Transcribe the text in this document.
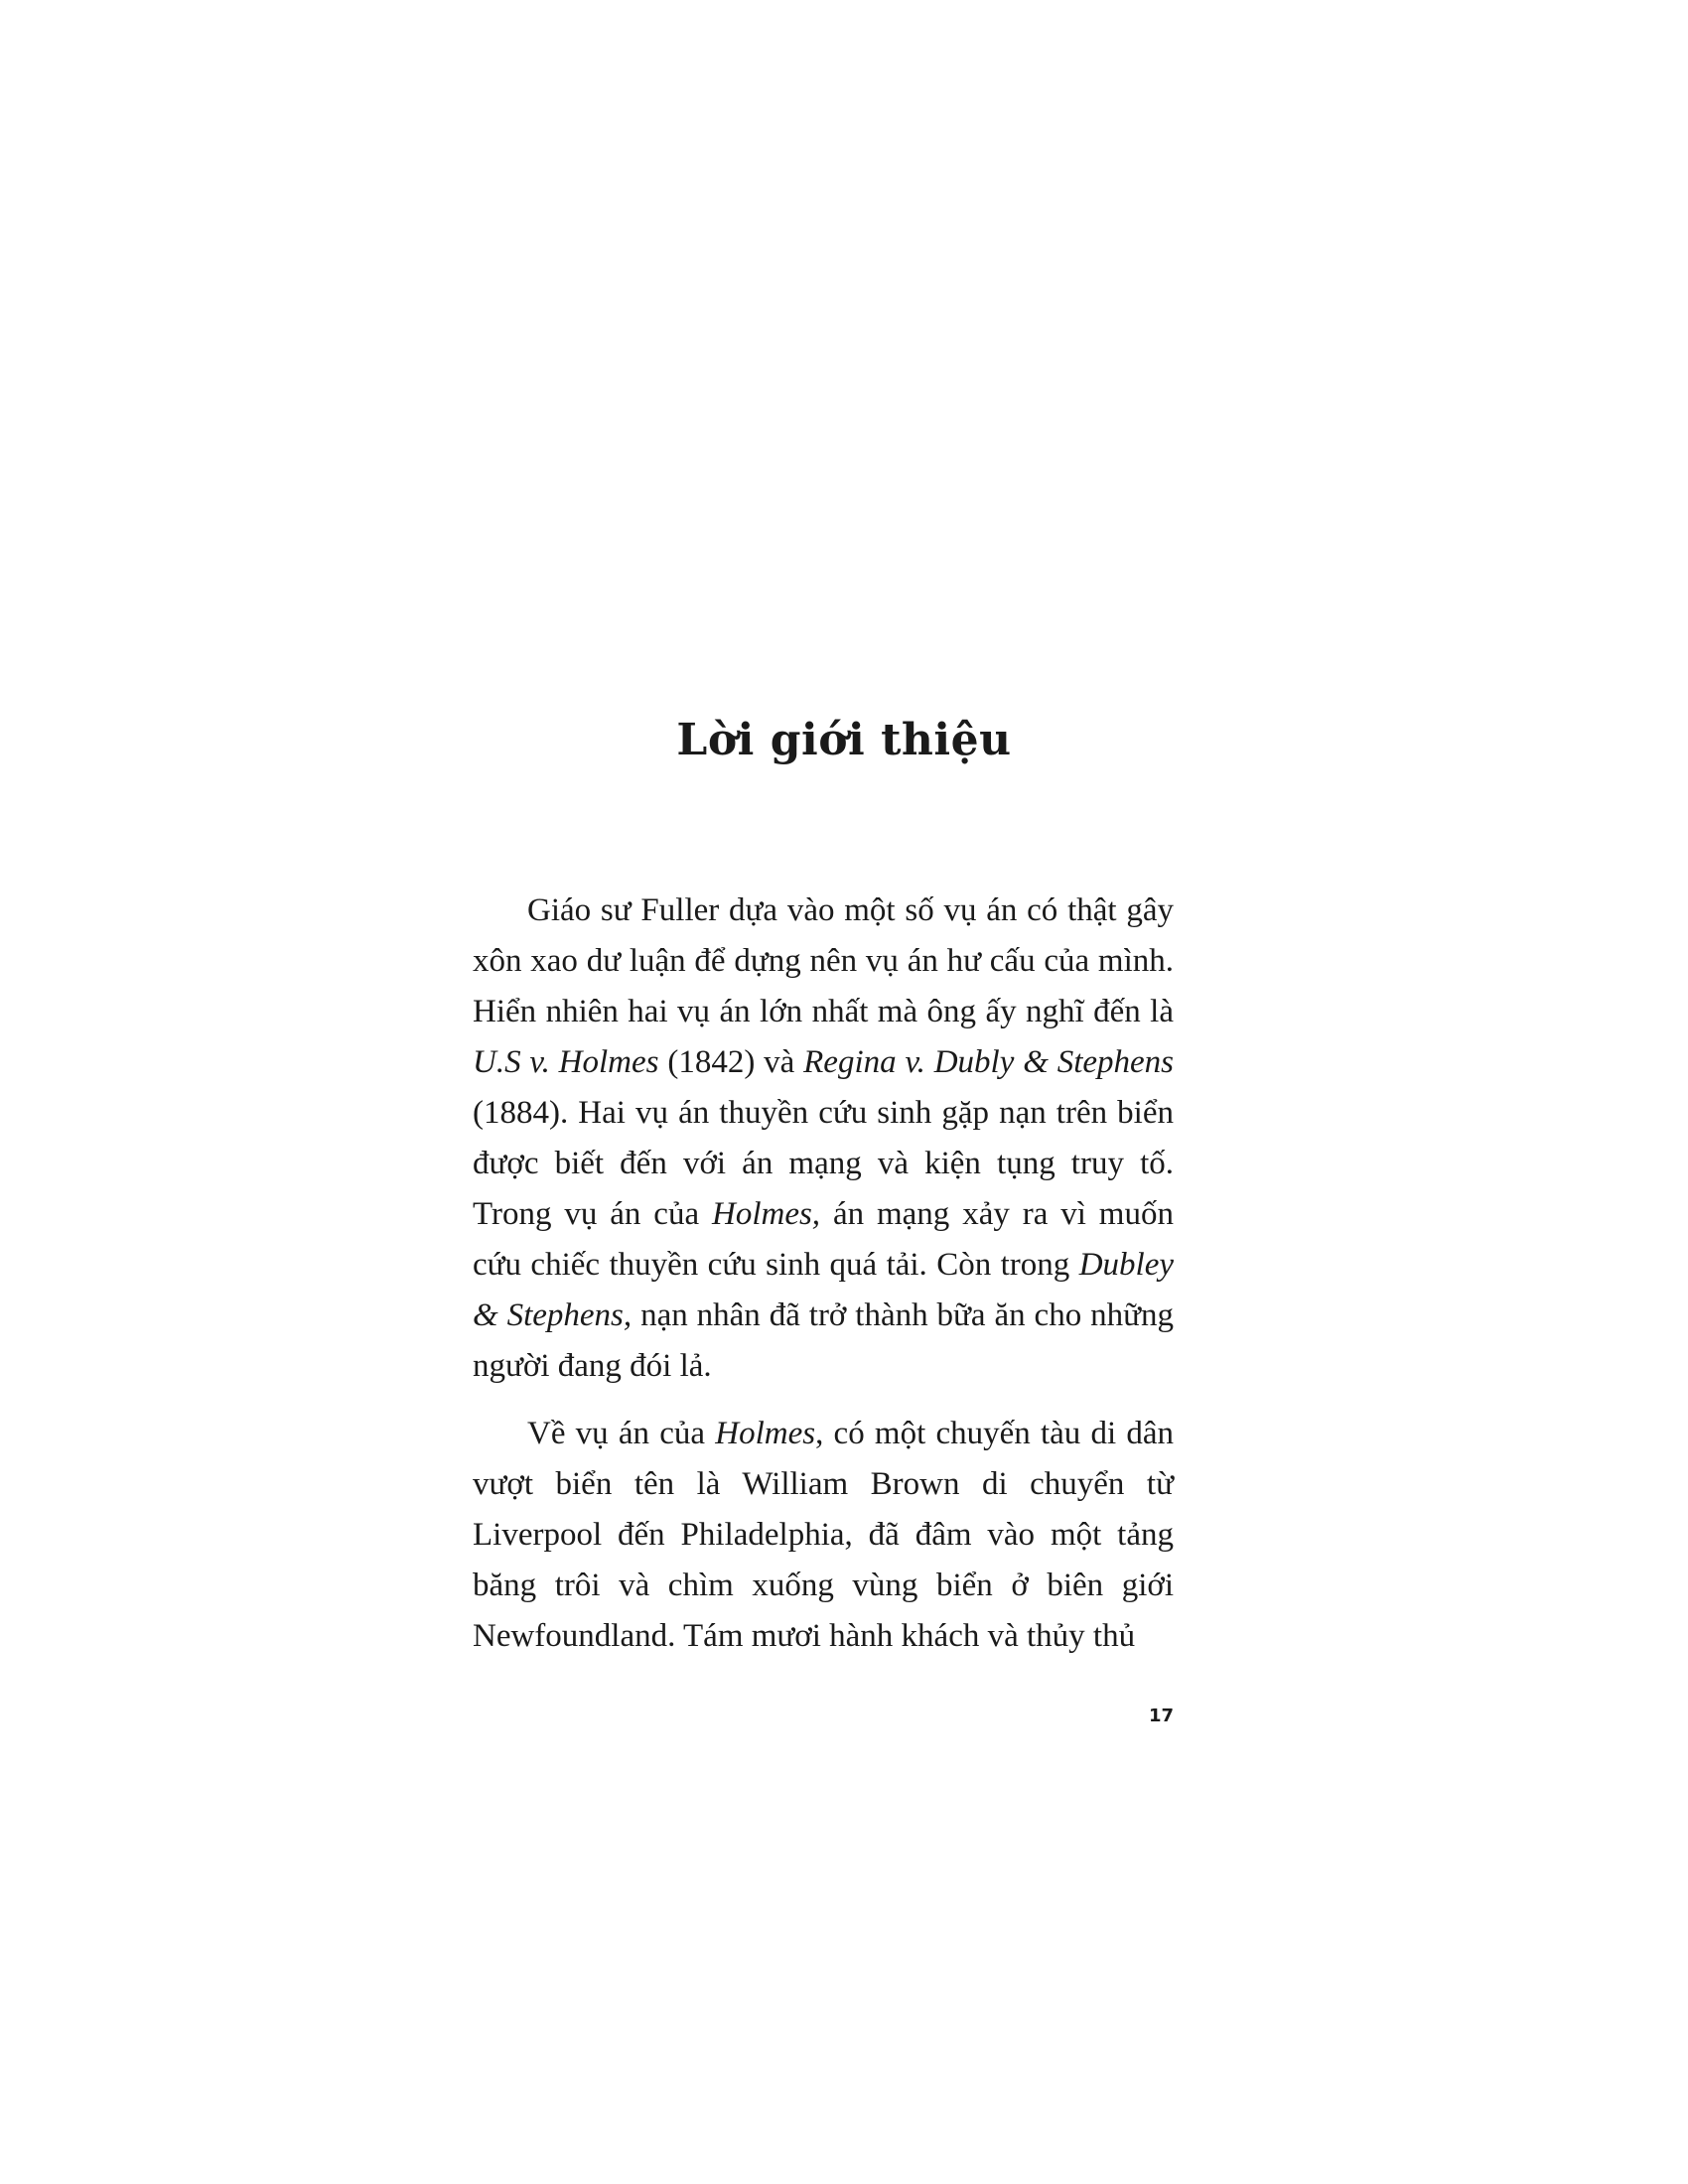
Lời giới thiệu

Giáo sư Fuller dựa vào một số vụ án có thật gây xôn xao dư luận để dựng nên vụ án hư cấu của mình. Hiển nhiên hai vụ án lớn nhất mà ông ấy nghĩ đến là U.S v. Holmes (1842) và Regina v. Dubly & Stephens (1884). Hai vụ án thuyền cứu sinh gặp nạn trên biển được biết đến với án mạng và kiện tụng truy tố. Trong vụ án của Holmes, án mạng xảy ra vì muốn cứu chiếc thuyền cứu sinh quá tải. Còn trong Dubley & Stephens, nạn nhân đã trở thành bữa ăn cho những người đang đói lả.

Về vụ án của Holmes, có một chuyến tàu di dân vượt biển tên là William Brown di chuyển từ Liverpool đến Philadelphia, đã đâm vào một tảng băng trôi và chìm xuống vùng biển ở biên giới Newfoundland. Tám mươi hành khách và thủy thủ

17
